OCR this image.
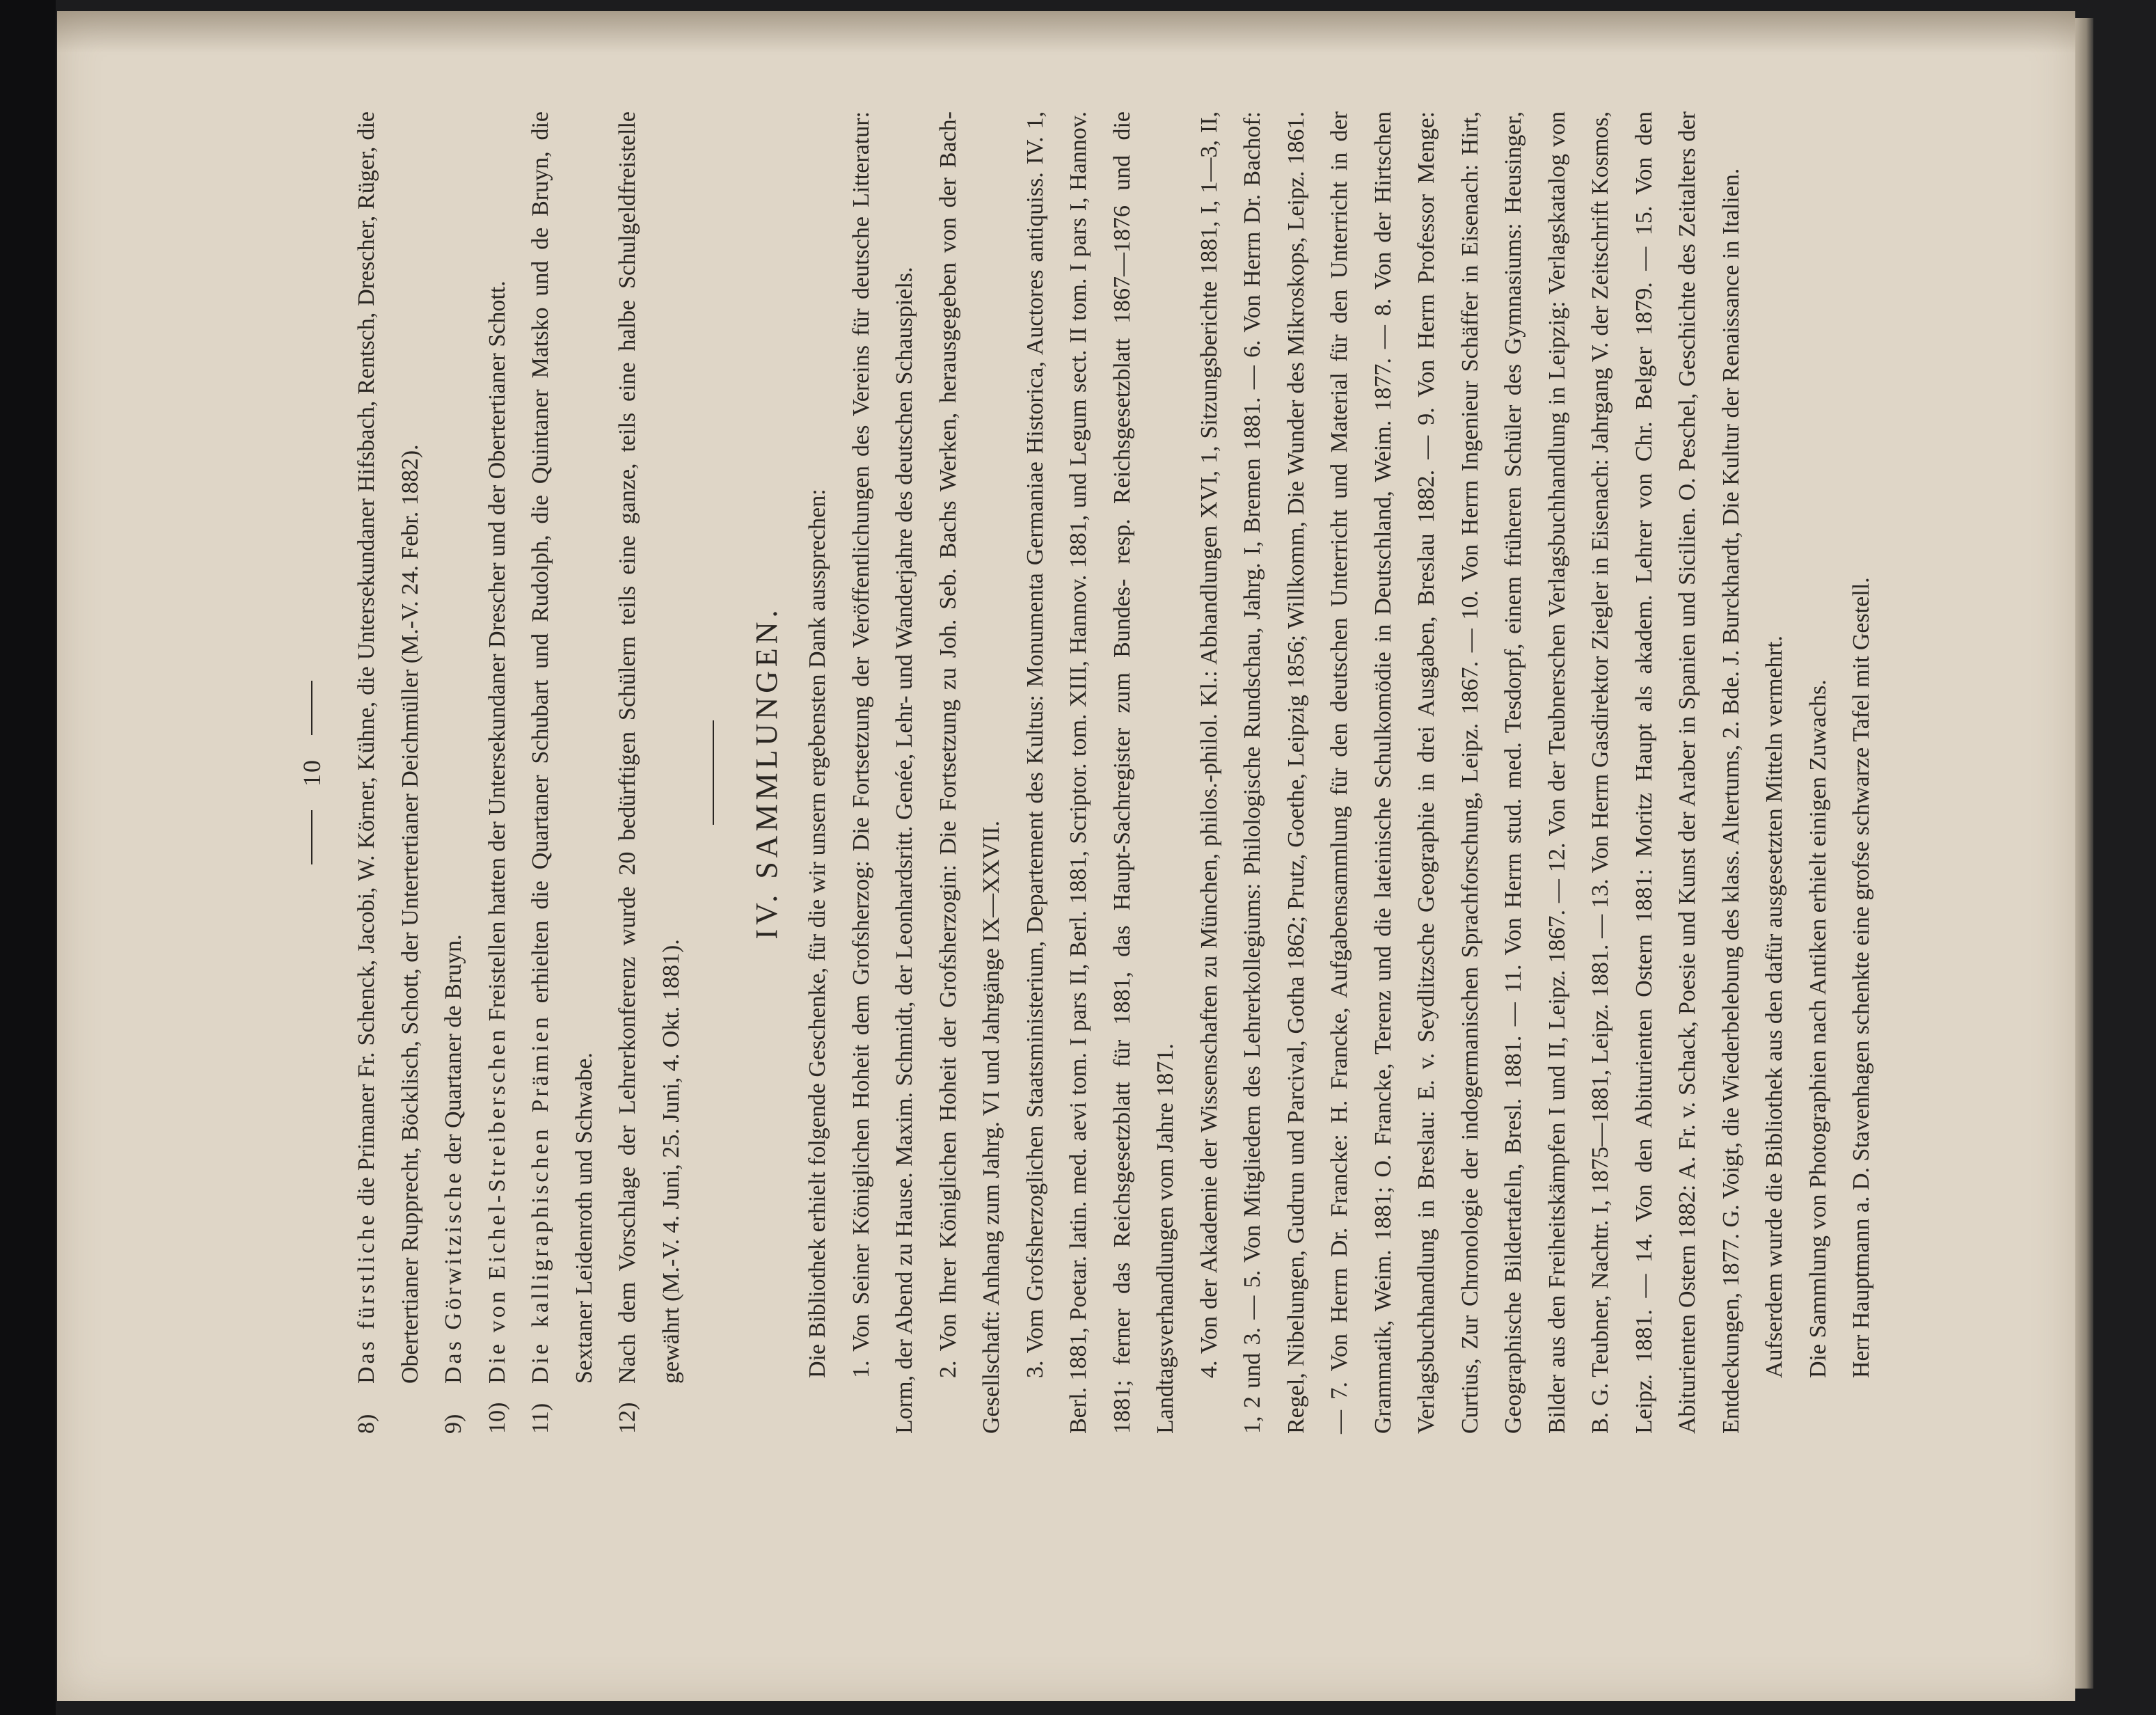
10
8)
Das fürstliche die Primaner Fr. Schenck, Jacobi, W. Körner, Kühne, die Untersekundaner Hifsbach, Rentsch, Drescher, Rüger, die Obertertianer Rupprecht, Böcklisch, Schott, der Untertertianer Deichmüller (M.-V. 24. Febr. 1882).
9)
Das Görwitzische der Quartaner de Bruyn.
10)
Die von Eichel-Streiberschen Freistellen hatten der Untersekundaner Drescher und der Obertertianer Schott.
11)
Die kalligraphischen Prämien erhielten die Quartaner Schubart und Rudolph, die Quintaner Matsko und de Bruyn, die Sextaner Leidenroth und Schwabe.
12)
Nach dem Vorschlage der Lehrerkonferenz wurde 20 bedürftigen Schülern teils eine ganze, teils eine halbe Schulgeldfreistelle gewährt (M.-V. 4. Juni, 25. Juni, 4. Okt. 1881).
IV. SAMMLUNGEN. Die Bibliothek erhielt folgende Geschenke, für die wir unsern ergebensten Dank aussprechen: 1. Von Seiner Königlichen Hoheit dem Grofsherzog: Die Fortsetzung der Veröffentlichungen des Vereins für deutsche Litteratur: Lorm, der Abend zu Hause. Maxim. Schmidt, der Leonhardsritt. Genée, Lehr- und Wanderjahre des deutschen Schauspiels. 2. Von Ihrer Königlichen Hoheit der Grofsherzogin: Die Fortsetzung zu Joh. Seb. Bachs Werken, herausgegeben von der Bach-Gesellschaft: Anhang zum Jahrg. VI und Jahrgänge IX—XXVII. 3. Vom Grofsherzoglichen Staatsministerium, Departement des Kultus: Monumenta Germaniae Historica, Auctores antiquiss. IV. 1, Berl. 1881, Poetar. latin. med. aevi tom. I pars II, Berl. 1881, Scriptor. tom. XIII, Hannov. 1881, und Legum sect. II tom. I pars I, Hannov. 1881; ferner das Reichsgesetzblatt für 1881, das Haupt-Sachregister zum Bundes- resp. Reichsgesetzblatt 1867—1876 und die Landtagsverhandlungen vom Jahre 1871. 4. Von der Akademie der Wissenschaften zu München, philos.-philol. Kl.: Abhandlungen XVI, 1, Sitzungsberichte 1881, I, 1—3, II, 1, 2 und 3. — 5. Von Mitgliedern des Lehrerkollegiums: Philologische Rundschau, Jahrg. I, Bremen 1881. — 6. Von Herrn Dr. Bachof: Regel, Nibelungen, Gudrun und Parcival, Gotha 1862; Prutz, Goethe, Leipzig 1856; Willkomm, Die Wunder des Mikroskops, Leipz. 1861. — 7. Von Herrn Dr. Francke: H. Francke, Aufgabensammlung für den deutschen Unterricht und Material für den Unterricht in der Grammatik, Weim. 1881; O. Francke, Terenz und die lateinische Schulkomödie in Deutschland, Weim. 1877. — 8. Von der Hirtschen Verlagsbuchhandlung in Breslau: E. v. Seydlitzsche Geographie in drei Ausgaben, Breslau 1882. — 9. Von Herrn Professor Menge: Curtius, Zur Chronologie der indogermanischen Sprachforschung, Leipz. 1867. — 10. Von Herrn Ingenieur Schäffer in Eisenach: Hirt, Geographische Bildertafeln, Bresl. 1881. — 11. Von Herrn stud. med. Tesdorpf, einem früheren Schüler des Gymnasiums: Heusinger, Bilder aus den Freiheitskämpfen I und II, Leipz. 1867. — 12. Von der Teubnerschen Verlagsbuchhandlung in Leipzig: Verlagskatalog von B. G. Teubner, Nachtr. I, 1875—1881, Leipz. 1881. — 13. Von Herrn Gasdirektor Ziegler in Eisenach: Jahrgang V. der Zeitschrift Kosmos, Leipz. 1881. — 14. Von den Abiturienten Ostern 1881: Moritz Haupt als akadem. Lehrer von Chr. Belger 1879. — 15. Von den Abiturienten Ostern 1882: A. Fr. v. Schack, Poesie und Kunst der Araber in Spanien und Sicilien. O. Peschel, Geschichte des Zeitalters der Entdeckungen, 1877. G. Voigt, die Wiederbelebung des klass. Altertums, 2. Bde. J. Burckhardt, Die Kultur der Renaissance in Italien. Aufserdem wurde die Bibliothek aus den dafür ausgesetzten Mitteln vermehrt. Die Sammlung von Photographien nach Antiken erhielt einigen Zuwachs. Herr Hauptmann a. D. Stavenhagen schenkte eine grofse schwarze Tafel mit Gestell.
